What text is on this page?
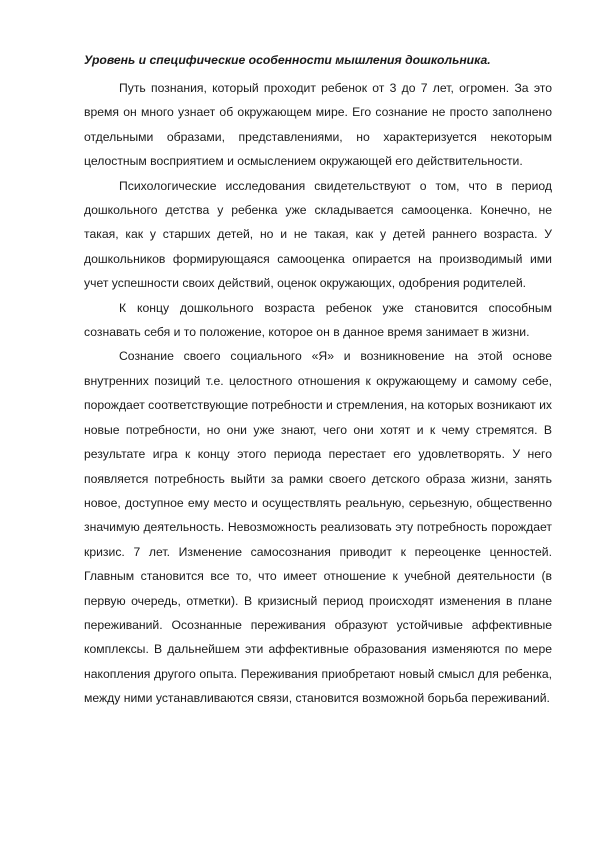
Уровень и специфические особенности мышления дошкольника.

Путь познания, который проходит ребенок от 3 до 7 лет, огромен. За это время он много узнает об окружающем мире. Его сознание не просто заполнено отдельными образами, представлениями, но характеризуется некоторым целостным восприятием и осмыслением окружающей его действительности.

Психологические исследования свидетельствуют о том, что в период дошкольного детства у ребенка уже складывается самооценка. Конечно, не такая, как у старших детей, но и не такая, как у детей раннего возраста. У дошкольников формирующаяся самооценка опирается на производимый ими учет успешности своих действий, оценок окружающих, одобрения родителей.

К концу дошкольного возраста ребенок уже становится способным сознавать себя и то положение, которое он в данное время занимает в жизни.

Сознание своего социального «Я» и возникновение на этой основе внутренних позиций т.е. целостного отношения к окружающему и самому себе, порождает соответствующие потребности и стремления, на которых возникают их новые потребности, но они уже знают, чего они хотят и к чему стремятся. В результате игра к концу этого периода перестает его удовлетворять. У него появляется потребность выйти за рамки своего детского образа жизни, занять новое, доступное ему место и осуществлять реальную, серьезную, общественно значимую деятельность. Невозможность реализовать эту потребность порождает кризис. 7 лет. Изменение самосознания приводит к переоценке ценностей. Главным становится все то, что имеет отношение к учебной деятельности (в первую очередь, отметки). В кризисный период происходят изменения в плане переживаний. Осознанные переживания образуют устойчивые аффективные комплексы. В дальнейшем эти аффективные образования изменяются по мере накопления другого опыта. Переживания приобретают новый смысл для ребенка, между ними устанавливаются связи, становится возможной борьба переживаний.
